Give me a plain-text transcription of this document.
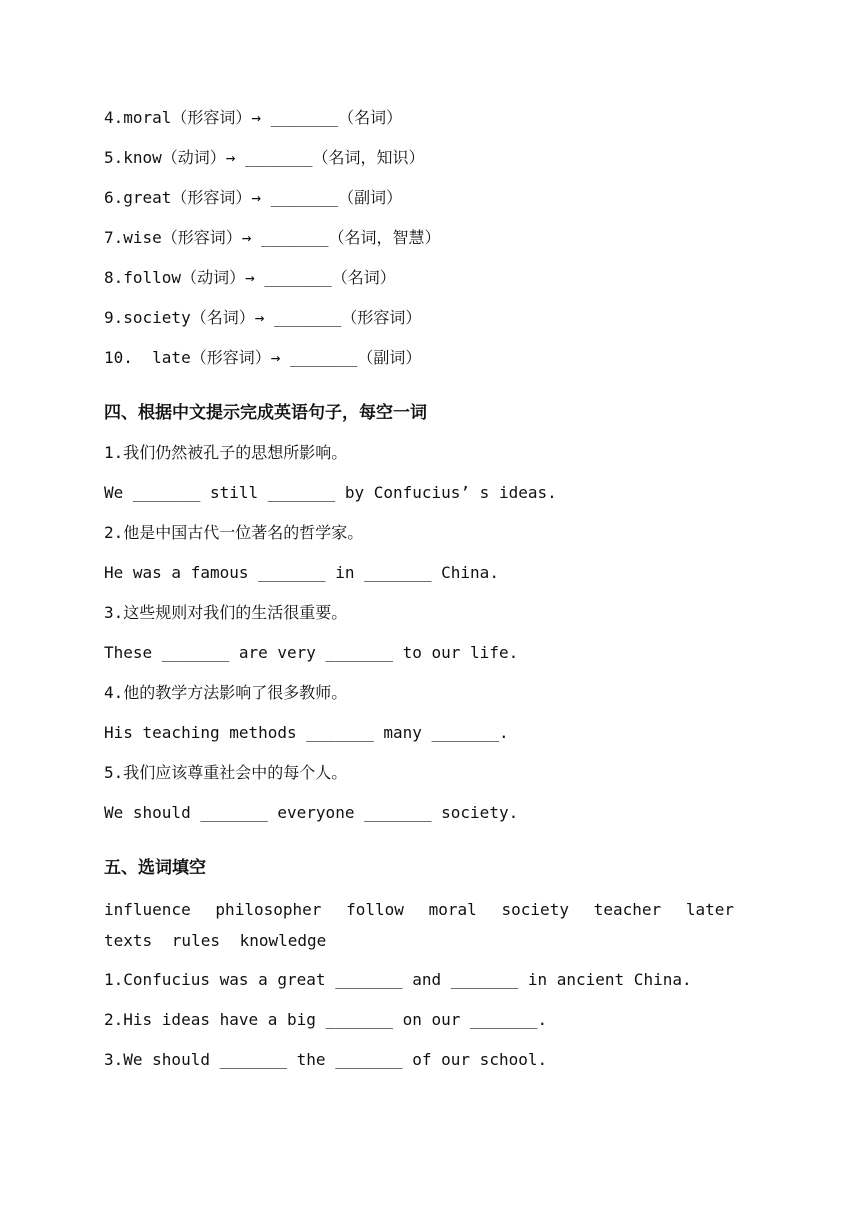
4.moral（形容词）→ _______（名词）
5.know（动词）→ _______（名词，知识）
6.great（形容词）→ _______（副词）
7.wise（形容词）→ _______（名词，智慧）
8.follow（动词）→ _______（名词）
9.society（名词）→ _______（形容词）
10.  late（形容词）→ _______（副词）
四、根据中文提示完成英语句子，每空一词
1.我们仍然被孔子的思想所影响。
We _______ still _______ by Confucius’ s ideas.
2.他是中国古代一位著名的哲学家。
He was a famous _______ in _______ China.
3.这些规则对我们的生活很重要。
These _______ are very _______ to our life.
4.他的教学方法影响了很多教师。
His teaching methods _______ many _______.
5.我们应该尊重社会中的每个人。
We should _______ everyone _______ society.
五、选词填空
influence philosopher follow moral society teacher later texts rules knowledge
1.Confucius was a great _______ and _______ in ancient China.
2.His ideas have a big _______ on our _______.
3.We should _______ the _______ of our school.
